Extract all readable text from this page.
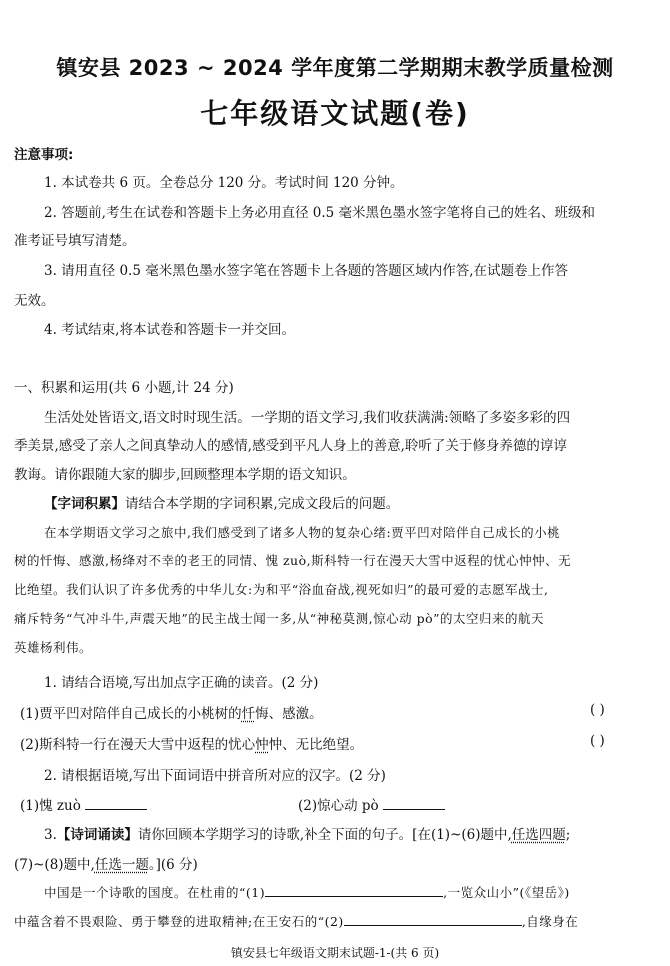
镇安县 2023 ~ 2024 学年度第二学期期末教学质量检测
七年级语文试题(卷)
注意事项:
1. 本试卷共 6 页。全卷总分 120 分。考试时间 120 分钟。
2. 答题前,考生在试卷和答题卡上务必用直径 0.5 毫米黑色墨水签字笔将自己的姓名、班级和
准考证号填写清楚。
3. 请用直径 0.5 毫米黑色墨水签字笔在答题卡上各题的答题区域内作答,在试题卷上作答
无效。
4. 考试结束,将本试卷和答题卡一并交回。
一、积累和运用(共 6 小题,计 24 分)
生活处处皆语文,语文时时现生活。一学期的语文学习,我们收获满满:领略了多姿多彩的四
季美景,感受了亲人之间真挚动人的感情,感受到平凡人身上的善意,聆听了关于修身养德的谆谆
教诲。请你跟随大家的脚步,回顾整理本学期的语文知识。
【字词积累】请结合本学期的字词积累,完成文段后的问题。
在本学期语文学习之旅中,我们感受到了诸多人物的复杂心绪:贾平凹对陪伴自己成长的小桃
树的忏悔、感激,杨绛对不幸的老王的同情、愧 zuò,斯科特一行在漫天大雪中返程的忧心忡忡、无
比绝望。我们认识了许多优秀的中华儿女:为和平“浴血奋战,视死如归”的最可爱的志愿军战士,
痛斥特务“气冲斗牛,声震天地”的民主战士闻一多,从“神秘莫测,惊心动 pò”的太空归来的航天
英雄杨利伟。
1. 请结合语境,写出加点字正确的读音。(2 分)
(1)贾平凹对陪伴自己成长的小桃树的忏悔、感激。	( )
(2)斯科特一行在漫天大雪中返程的忧心忡忡、无比绝望。	( )
2. 请根据语境,写出下面词语中拼音所对应的汉字。(2 分)
(1)愧 zuò	(2)惊心动 pò
3.【诗词诵读】请你回顾本学期学习的诗歌,补全下面的句子。[在(1)~(6)题中,任选四题;
(7)~(8)题中,任选一题。](6 分)
中国是一个诗歌的国度。在杜甫的“(1)	,一览众山小”(《望岳》)
中蕴含着不畏艰险、勇于攀登的进取精神;在王安石的“(2)	,自缘身在
镇安县七年级语文期末试题-1-(共 6 页)
